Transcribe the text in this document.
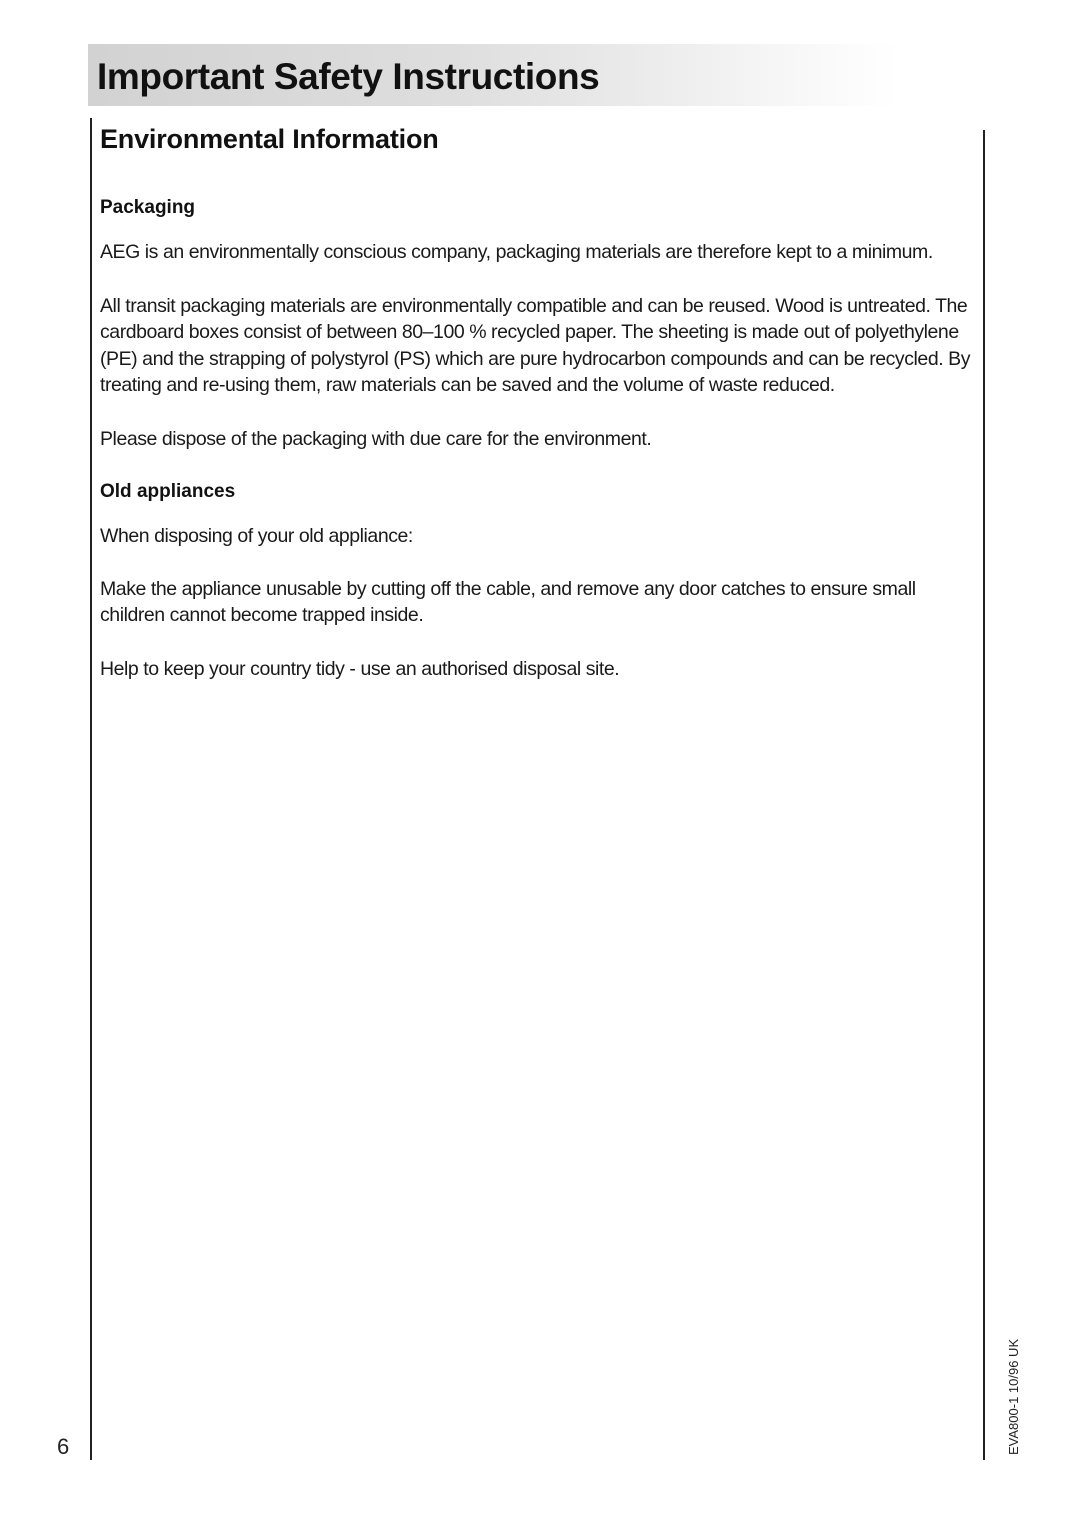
Important Safety Instructions
Environmental Information
Packaging

AEG is an environmentally conscious company, packaging materials are therefore kept to a minimum.

All transit packaging materials are environmentally compatible and can be reused. Wood is untreated. The cardboard boxes consist of between 80–100 % recycled paper. The sheeting is made out of polyethylene (PE) and the strapping of polystyrol (PS) which are pure hydrocarbon compounds and can be recycled. By treating and re-using them, raw materials can be saved and the volume of waste reduced.

Please dispose of the packaging with due care for the environment.

Old appliances

When disposing of your old appliance:

Make the appliance unusable by cutting off the cable, and remove any door catches to ensure small children cannot become trapped inside.

Help to keep your country tidy - use an authorised disposal site.

6	EVA800-1 10/96 UK
